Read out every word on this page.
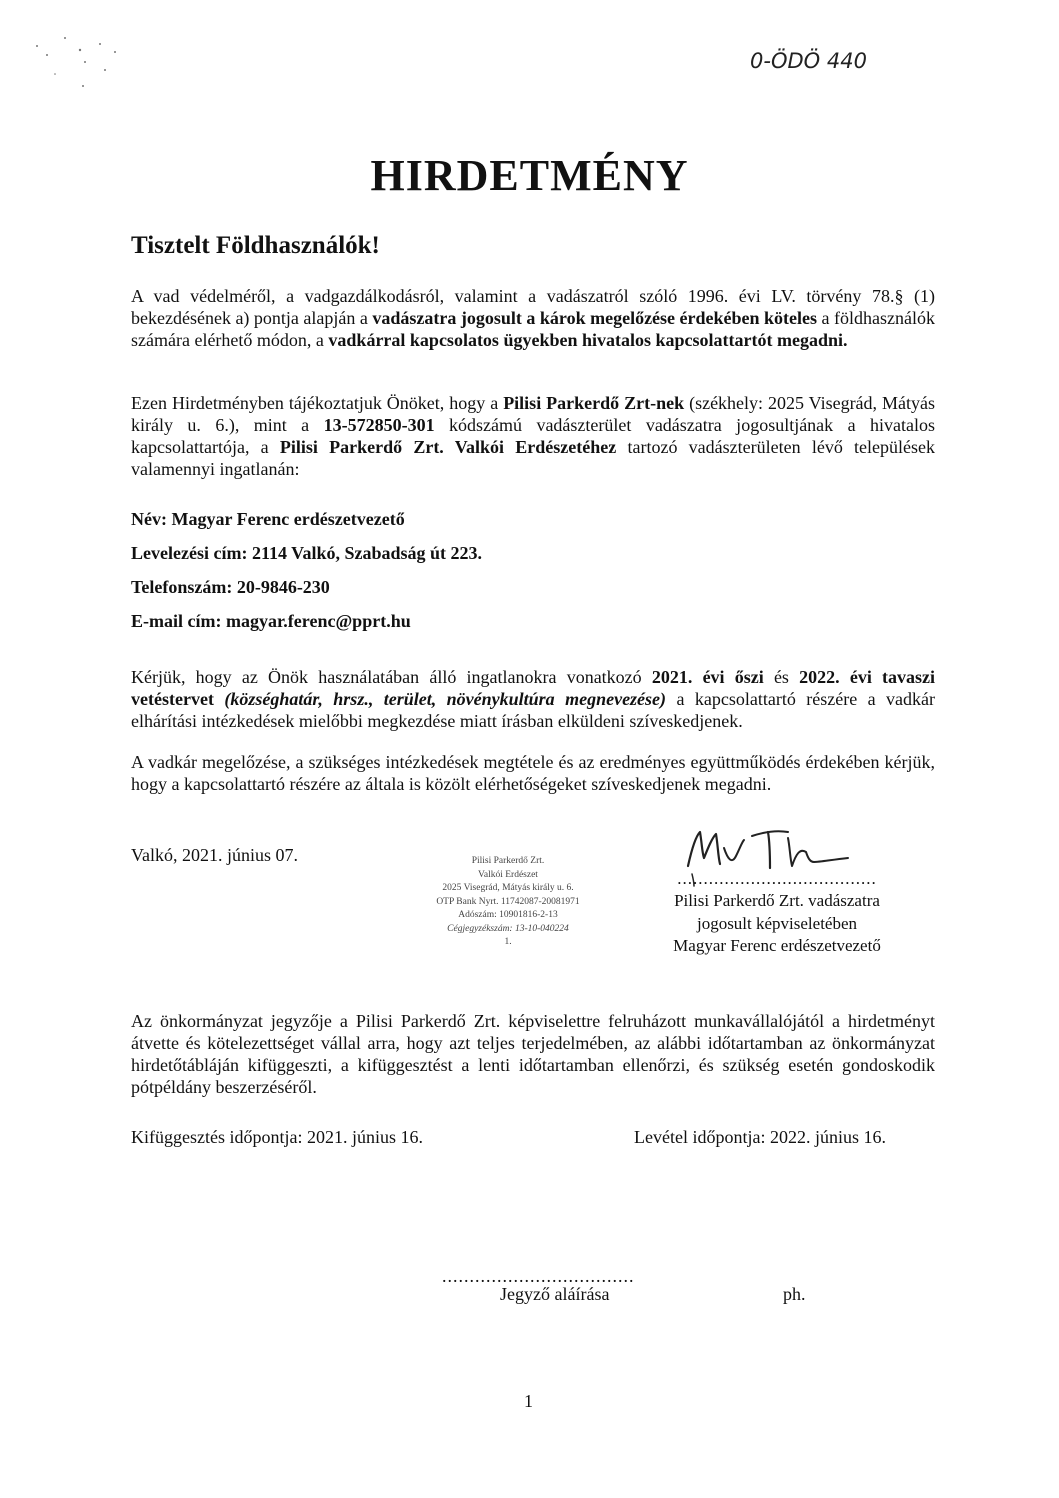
0-ÖDÖ 440
HIRDETMÉNY
Tisztelt Földhasználók!
A vad védelméről, a vadgazdálkodásról, valamint a vadászatról szóló 1996. évi LV. törvény 78.§ (1) bekezdésének a) pontja alapján a vadászatra jogosult a károk megelőzése érdekében köteles a földhasználók számára elérhető módon, a vadkárral kapcsolatos ügyekben hivatalos kapcsolattartót megadni.
Ezen Hirdetményben tájékoztatjuk Önöket, hogy a Pilisi Parkerdő Zrt-nek (székhely: 2025 Visegrád, Mátyás király u. 6.), mint a 13-572850-301 kódszámú vadászterület vadászatra jogosultjának a hivatalos kapcsolattartója, a Pilisi Parkerdő Zrt. Valkói Erdészetéhez tartozó vadászterületen lévő települések valamennyi ingatlanán:
Név: Magyar Ferenc erdészetvezető
Levelezési cím: 2114 Valkó, Szabadság út 223.
Telefonszám: 20-9846-230
E-mail cím: magyar.ferenc@pprt.hu
Kérjük, hogy az Önök használatában álló ingatlanokra vonatkozó 2021. évi őszi és 2022. évi tavaszi vetéstervet (községhatár, hrsz., terület, növénykultúra megnevezése) a kapcsolattartó részére a vadkár elhárítási intézkedések mielőbbi megkezdése miatt írásban elküldeni szíveskedjenek.
A vadkár megelőzése, a szükséges intézkedések megtétele és az eredményes együttműködés érdekében kérjük, hogy a kapcsolattartó részére az általa is közölt elérhetőségeket szíveskedjenek megadni.
Valkó, 2021. június 07.	Pilisi Parkerdő Zrt.
Valkói Erdészet
2025 Visegrád, Mátyás király u. 6.
OTP Bank Nyrt. 11742087-20081971
Adószám: 10901816-2-13
Cégjegyzékszám: 13-10-040224
1.
......................................
Pilisi Parkerdő Zrt. vadászatra
jogosult képviseletében
Magyar Ferenc erdészetvezető
Az önkormányzat jegyzője a Pilisi Parkerdő Zrt. képviselettre felruházott munkavállalójától a hirdetményt átvette és kötelezettséget vállal arra, hogy azt teljes terjedelmében, az alábbi időtartamban az önkormányzat hirdetőtábláján kifüggeszti, a kifüggesztést a lenti időtartamban ellenőrzi, és szükség esetén gondoskodik pótpéldány beszerzéséről.
Kifüggesztés időpontja: 2021. június 16.	Levétel időpontja: 2022. június 16.
...................................
Jegyző aláírása	ph.
1
